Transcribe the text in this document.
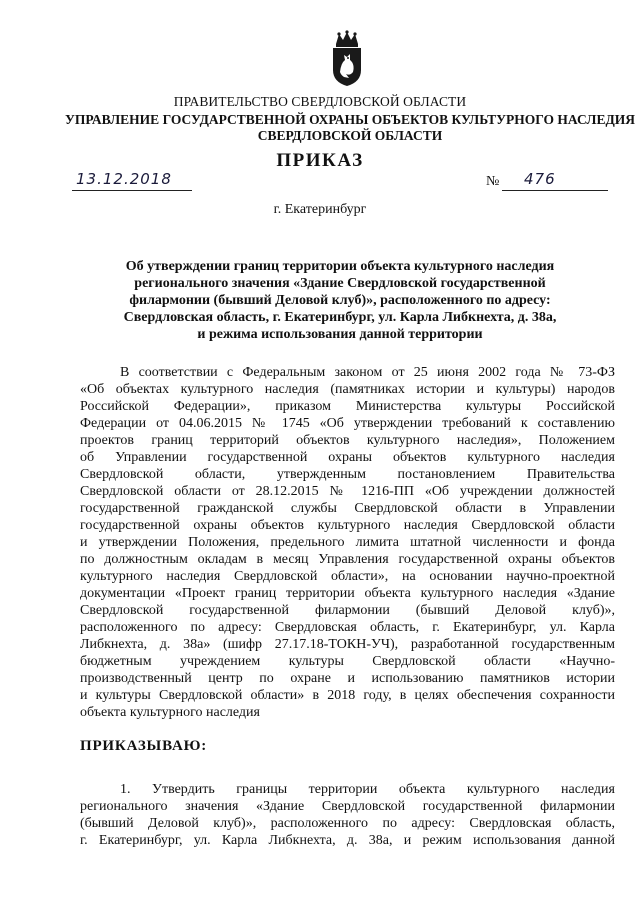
ПРАВИТЕЛЬСТВО СВЕРДЛОВСКОЙ ОБЛАСТИ
УПРАВЛЕНИЕ ГОСУДАРСТВЕННОЙ ОХРАНЫ ОБЪЕКТОВ КУЛЬТУРНОГО НАСЛЕДИЯ
СВЕРДЛОВСКОЙ ОБЛАСТИ
ПРИКАЗ
13.12.2018	№ 476
г. Екатеринбург
Об утверждении границ территории объекта культурного наследия
регионального значения «Здание Свердловской государственной
филармонии (бывший Деловой клуб)», расположенного по адресу:
Свердловская область, г. Екатеринбург, ул. Карла Либкнехта, д. 38а,
и режима использования данной территории
В соответствии с Федеральным законом от 25 июня 2002 года № 73-ФЗ
«Об объектах культурного наследия (памятниках истории и культуры) народов
Российской Федерации», приказом Министерства культуры Российской
Федерации от 04.06.2015 № 1745 «Об утверждении требований к составлению
проектов границ территорий объектов культурного наследия», Положением
об Управлении государственной охраны объектов культурного наследия
Свердловской области, утвержденным постановлением Правительства
Свердловской области от 28.12.2015 № 1216-ПП «Об учреждении должностей
государственной гражданской службы Свердловской области в Управлении
государственной охраны объектов культурного наследия Свердловской области
и утверждении Положения, предельного лимита штатной численности и фонда
по должностным окладам в месяц Управления государственной охраны объектов
культурного наследия Свердловской области», на основании научно-проектной
документации «Проект границ территории объекта культурного наследия «Здание
Свердловской государственной филармонии (бывший Деловой клуб)»,
расположенного по адресу: Свердловская область, г. Екатеринбург, ул. Карла
Либкнехта, д. 38а» (шифр 27.17.18-ТОКН-УЧ), разработанной государственным
бюджетным учреждением культуры Свердловской области «Научно-
производственный центр по охране и использованию памятников истории
и культуры Свердловской области» в 2018 году, в целях обеспечения сохранности
объекта культурного наследия
ПРИКАЗЫВАЮ:
1. Утвердить границы территории объекта культурного наследия
регионального значения «Здание Свердловской государственной филармонии
(бывший Деловой клуб)», расположенного по адресу: Свердловская область,
г. Екатеринбург, ул. Карла Либкнехта, д. 38а, и режим использования данной
